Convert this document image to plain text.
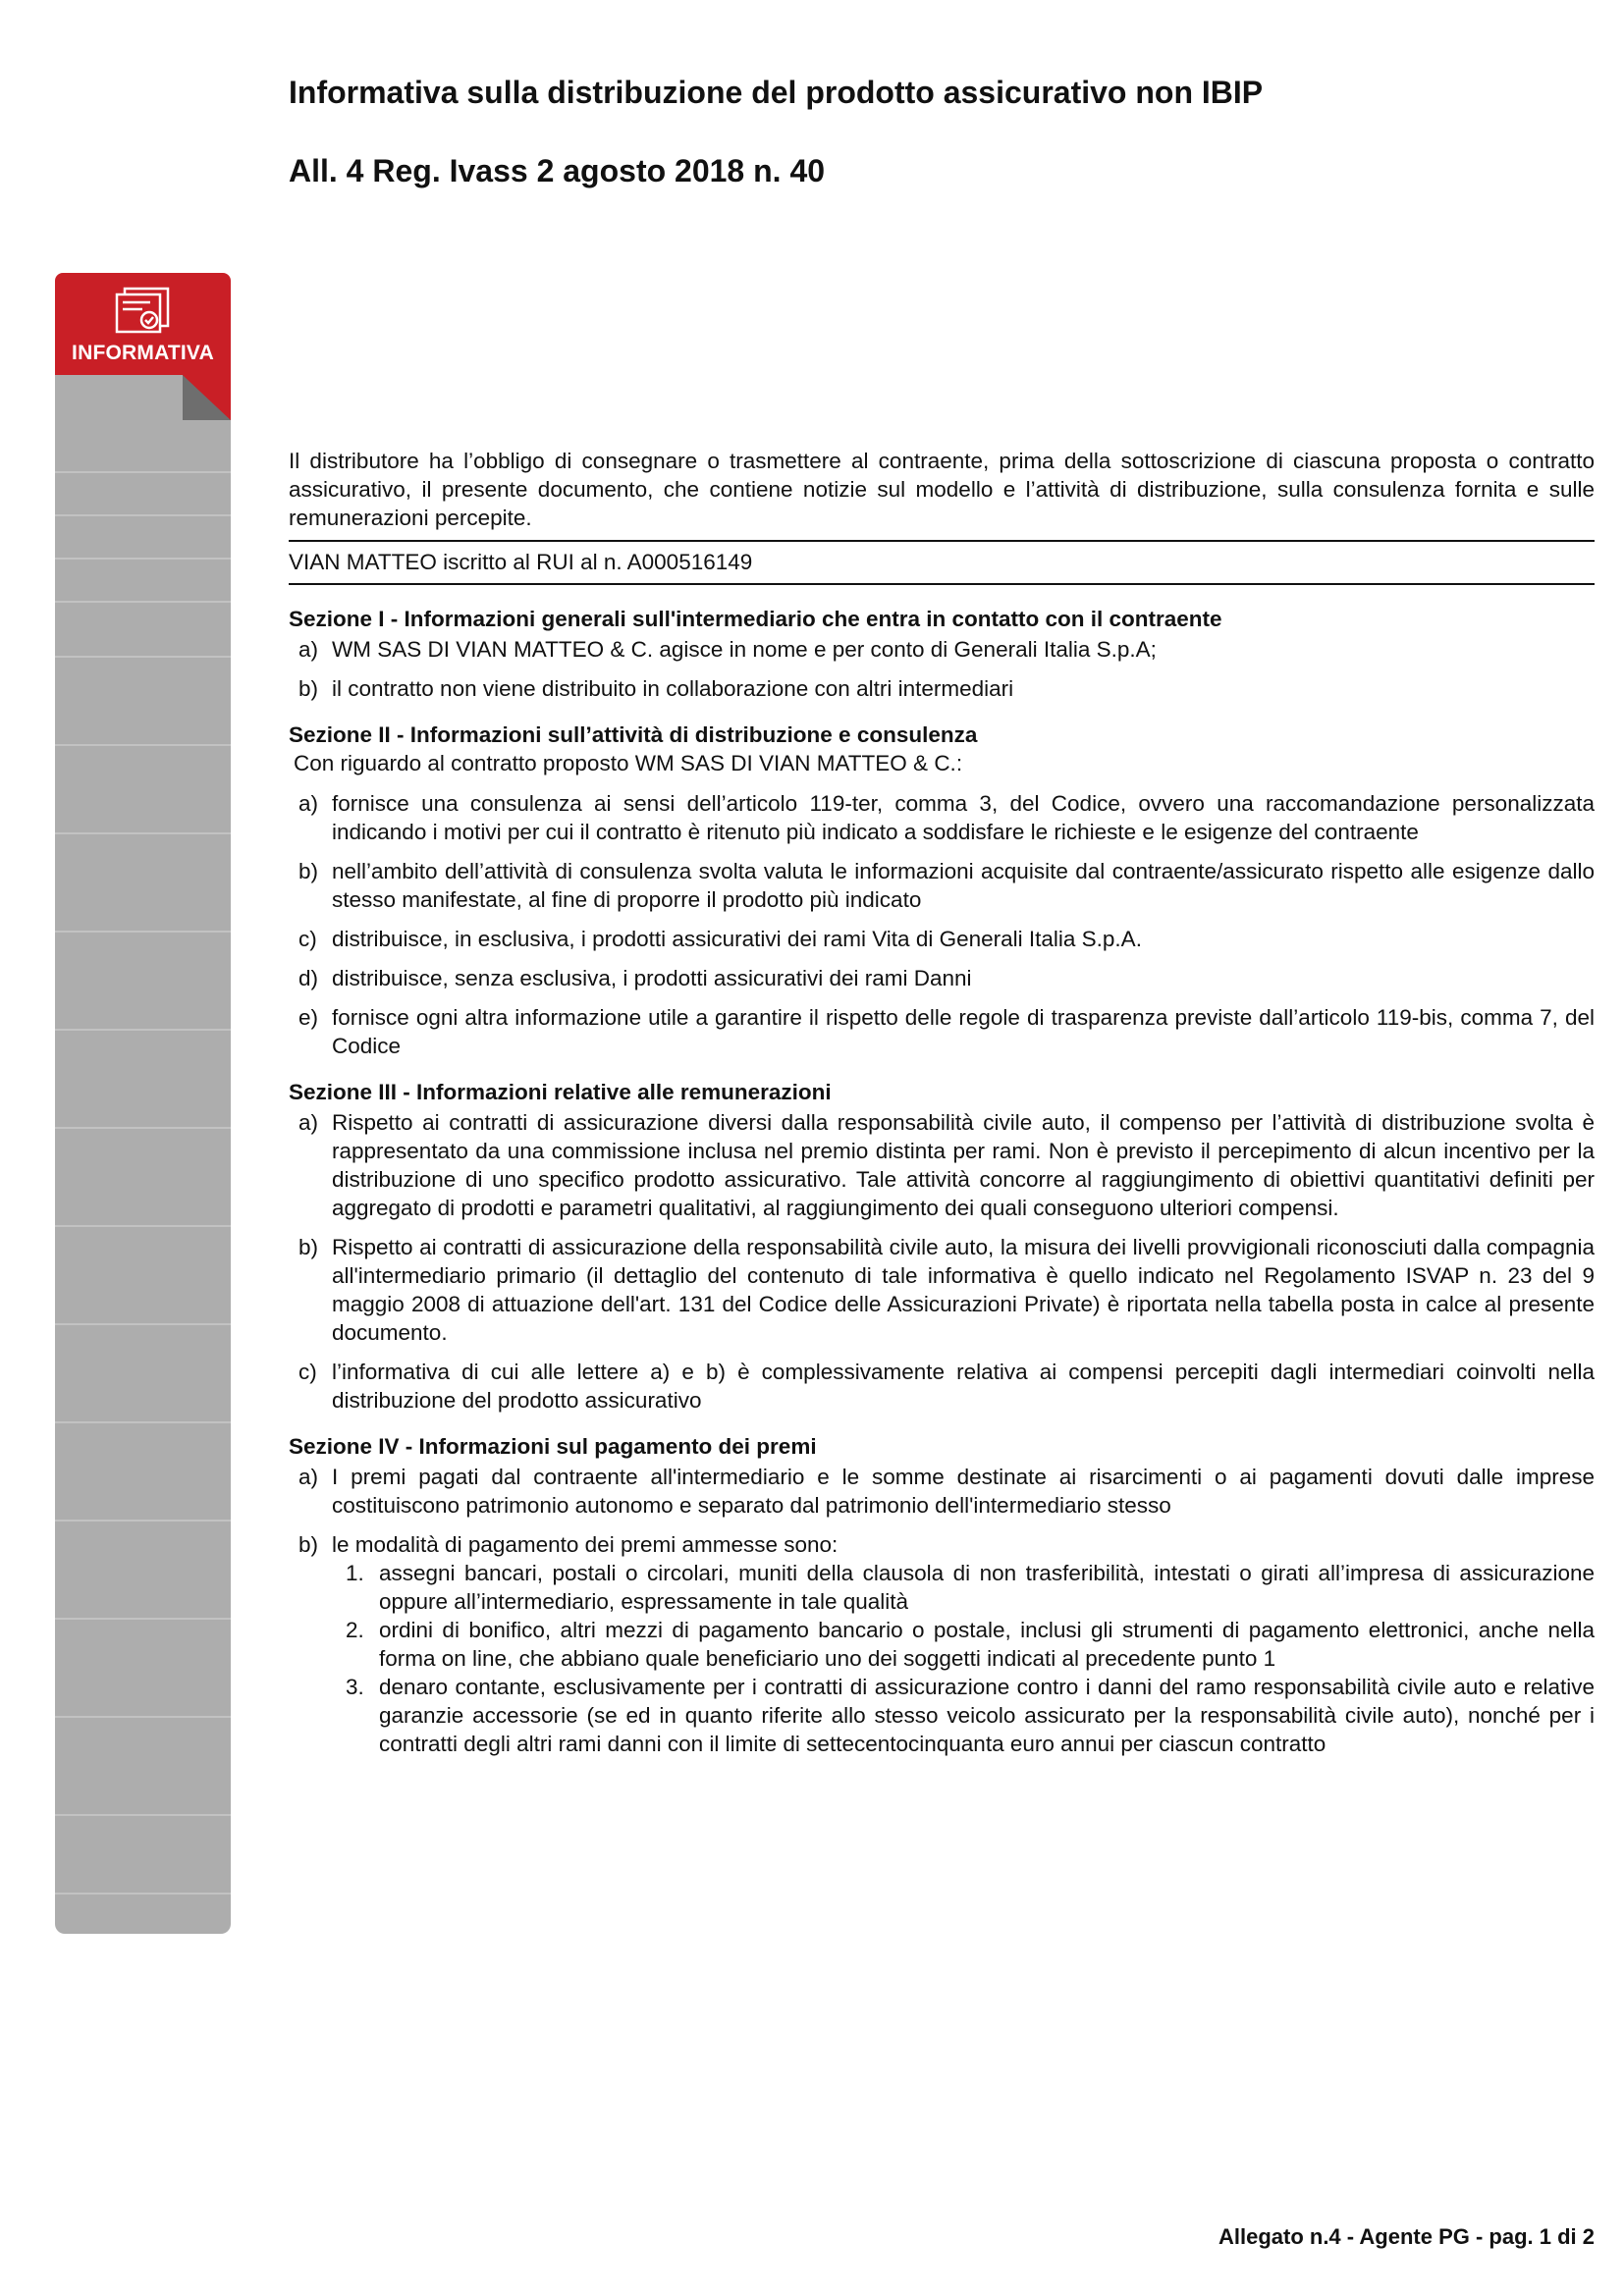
Informativa sulla distribuzione del prodotto assicurativo non IBIP
All. 4 Reg. Ivass 2 agosto 2018 n. 40
INFORMATIVA

Il distributore ha l’obbligo di consegnare o trasmettere al contraente, prima della sottoscrizione di ciascuna proposta o contratto assicurativo, il presente documento, che contiene notizie sul modello e l’attività di distribuzione, sulla consulenza fornita e sulle remunerazioni percepite.

VIAN MATTEO iscritto al RUI al n. A000516149

Sezione I - Informazioni generali sull'intermediario che entra in contatto con il contraente

a) WM SAS DI VIAN MATTEO & C. agisce in nome e per conto di Generali Italia S.p.A;
b) il contratto non viene distribuito in collaborazione con altri intermediari

Sezione II - Informazioni sull’attività di distribuzione e consulenza

Con riguardo al contratto proposto WM SAS DI VIAN MATTEO & C.:

a) fornisce una consulenza ai sensi dell’articolo 119-ter, comma 3, del Codice, ovvero una raccomandazione personalizzata indicando i motivi per cui il contratto è ritenuto più indicato a soddisfare le richieste e le esigenze del contraente
b) nell’ambito dell’attività di consulenza svolta valuta le informazioni acquisite dal contraente/assicurato rispetto alle esigenze dallo stesso manifestate, al fine di proporre il prodotto più indicato
c) distribuisce, in esclusiva, i prodotti assicurativi dei rami Vita di Generali Italia S.p.A.
d) distribuisce, senza esclusiva, i prodotti assicurativi dei rami Danni
e) fornisce ogni altra informazione utile a garantire il rispetto delle regole di trasparenza previste dall’articolo 119-bis, comma 7, del Codice

Sezione III - Informazioni relative alle remunerazioni

a) Rispetto ai contratti di assicurazione diversi dalla responsabilità civile auto, il compenso per l’attività di distribuzione svolta è rappresentato da una commissione inclusa nel premio distinta per rami. Non è previsto il percepimento di alcun incentivo per la distribuzione di uno specifico prodotto assicurativo. Tale attività concorre al raggiungimento di obiettivi quantitativi definiti per aggregato di prodotti e parametri qualitativi, al raggiungimento dei quali conseguono ulteriori compensi.
b) Rispetto ai contratti di assicurazione della responsabilità civile auto, la misura dei livelli provvigionali riconosciuti dalla compagnia all'intermediario primario (il dettaglio del contenuto di tale informativa è quello indicato nel Regolamento ISVAP n. 23 del 9 maggio 2008 di attuazione dell'art. 131 del Codice delle Assicurazioni Private) è riportata nella tabella posta in calce al presente documento.
c) l’informativa di cui alle lettere a) e b) è complessivamente relativa ai compensi percepiti dagli intermediari coinvolti nella distribuzione del prodotto assicurativo

Sezione IV - Informazioni sul pagamento dei premi

a) I premi pagati dal contraente all'intermediario e le somme destinate ai risarcimenti o ai pagamenti dovuti dalle imprese costituiscono patrimonio autonomo e separato dal patrimonio dell'intermediario stesso
b) le modalità di pagamento dei premi ammesse sono:
1. assegni bancari, postali o circolari, muniti della clausola di non trasferibilità, intestati o girati all’impresa di assicurazione oppure all’intermediario, espressamente in tale qualità
2. ordini di bonifico, altri mezzi di pagamento bancario o postale, inclusi gli strumenti di pagamento elettronici, anche nella forma on line, che abbiano quale beneficiario uno dei soggetti indicati al precedente punto 1
3. denaro contante, esclusivamente per i contratti di assicurazione contro i danni del ramo responsabilità civile auto e relative garanzie accessorie (se ed in quanto riferite allo stesso veicolo assicurato per la responsabilità civile auto), nonché per i contratti degli altri rami danni con il limite di settecentocinquanta euro annui per ciascun contratto
Allegato n.4 - Agente PG - pag. 1 di 2
